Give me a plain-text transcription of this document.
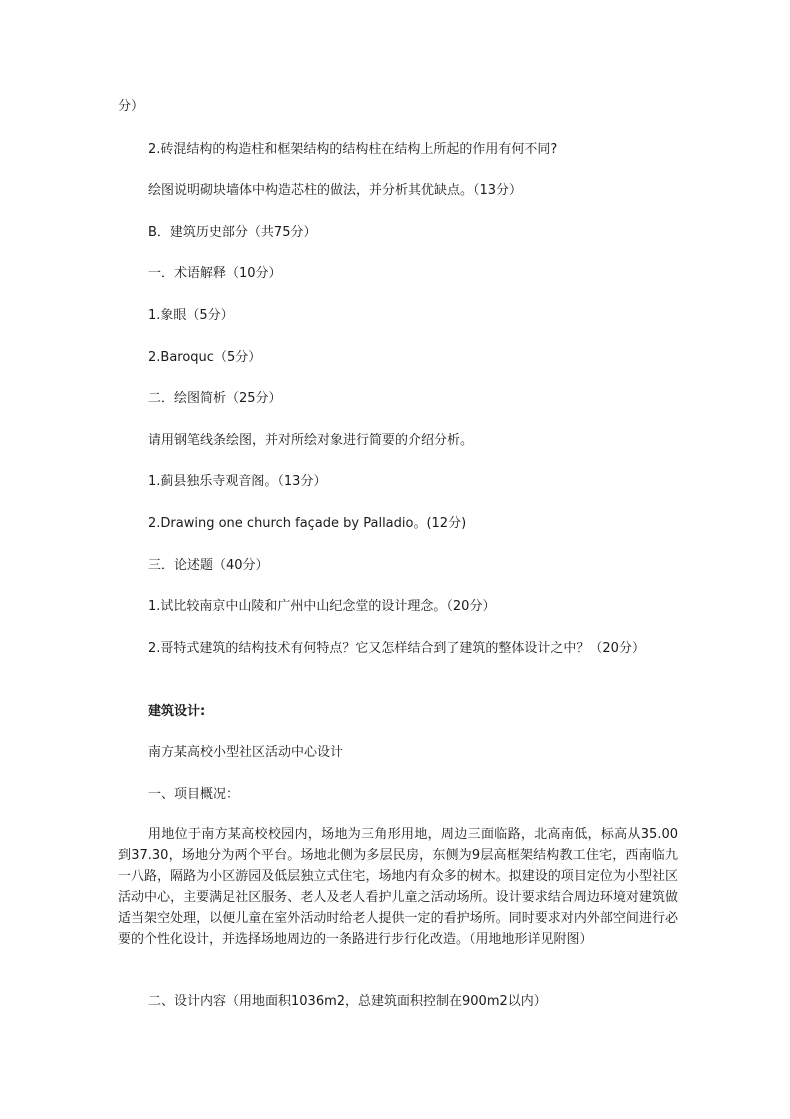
分）
2.砖混结构的构造柱和框架结构的结构柱在结构上所起的作用有何不同?
绘图说明砌块墙体中构造芯柱的做法，并分析其优缺点。（13分）
B．建筑历史部分（共75分）
一．术语解释（10分）
1.象眼（5分）
2.Baroquc（5分）
二．绘图简析（25分）
请用钢笔线条绘图，并对所绘对象进行简要的介绍分析。
1.蓟县独乐寺观音阁。（13分）
2.Drawing one church façade by Palladio。(12分)
三．论述题（40分）
1.试比较南京中山陵和广州中山纪念堂的设计理念。（20分）
2.哥特式建筑的结构技术有何特点？它又怎样结合到了建筑的整体设计之中？（20分）
建筑设计:
南方某高校小型社区活动中心设计
一、项目概况：
用地位于南方某高校校园内，场地为三角形用地，周边三面临路，北高南低，标高从35.00到37.30，场地分为两个平台。场地北侧为多层民房，东侧为9层高框架结构教工住宅，西南临九一八路，隔路为小区游园及低层独立式住宅，场地内有众多的树木。拟建设的项目定位为小型社区活动中心，主要满足社区服务、老人及老人看护儿童之活动场所。设计要求结合周边环境对建筑做适当架空处理，以便儿童在室外活动时给老人提供一定的看护场所。同时要求对内外部空间进行必要的个性化设计，并选择场地周边的一条路进行步行化改造。（用地地形详见附图）
二、设计内容（用地面积1036m2，总建筑面积控制在900m2以内）
